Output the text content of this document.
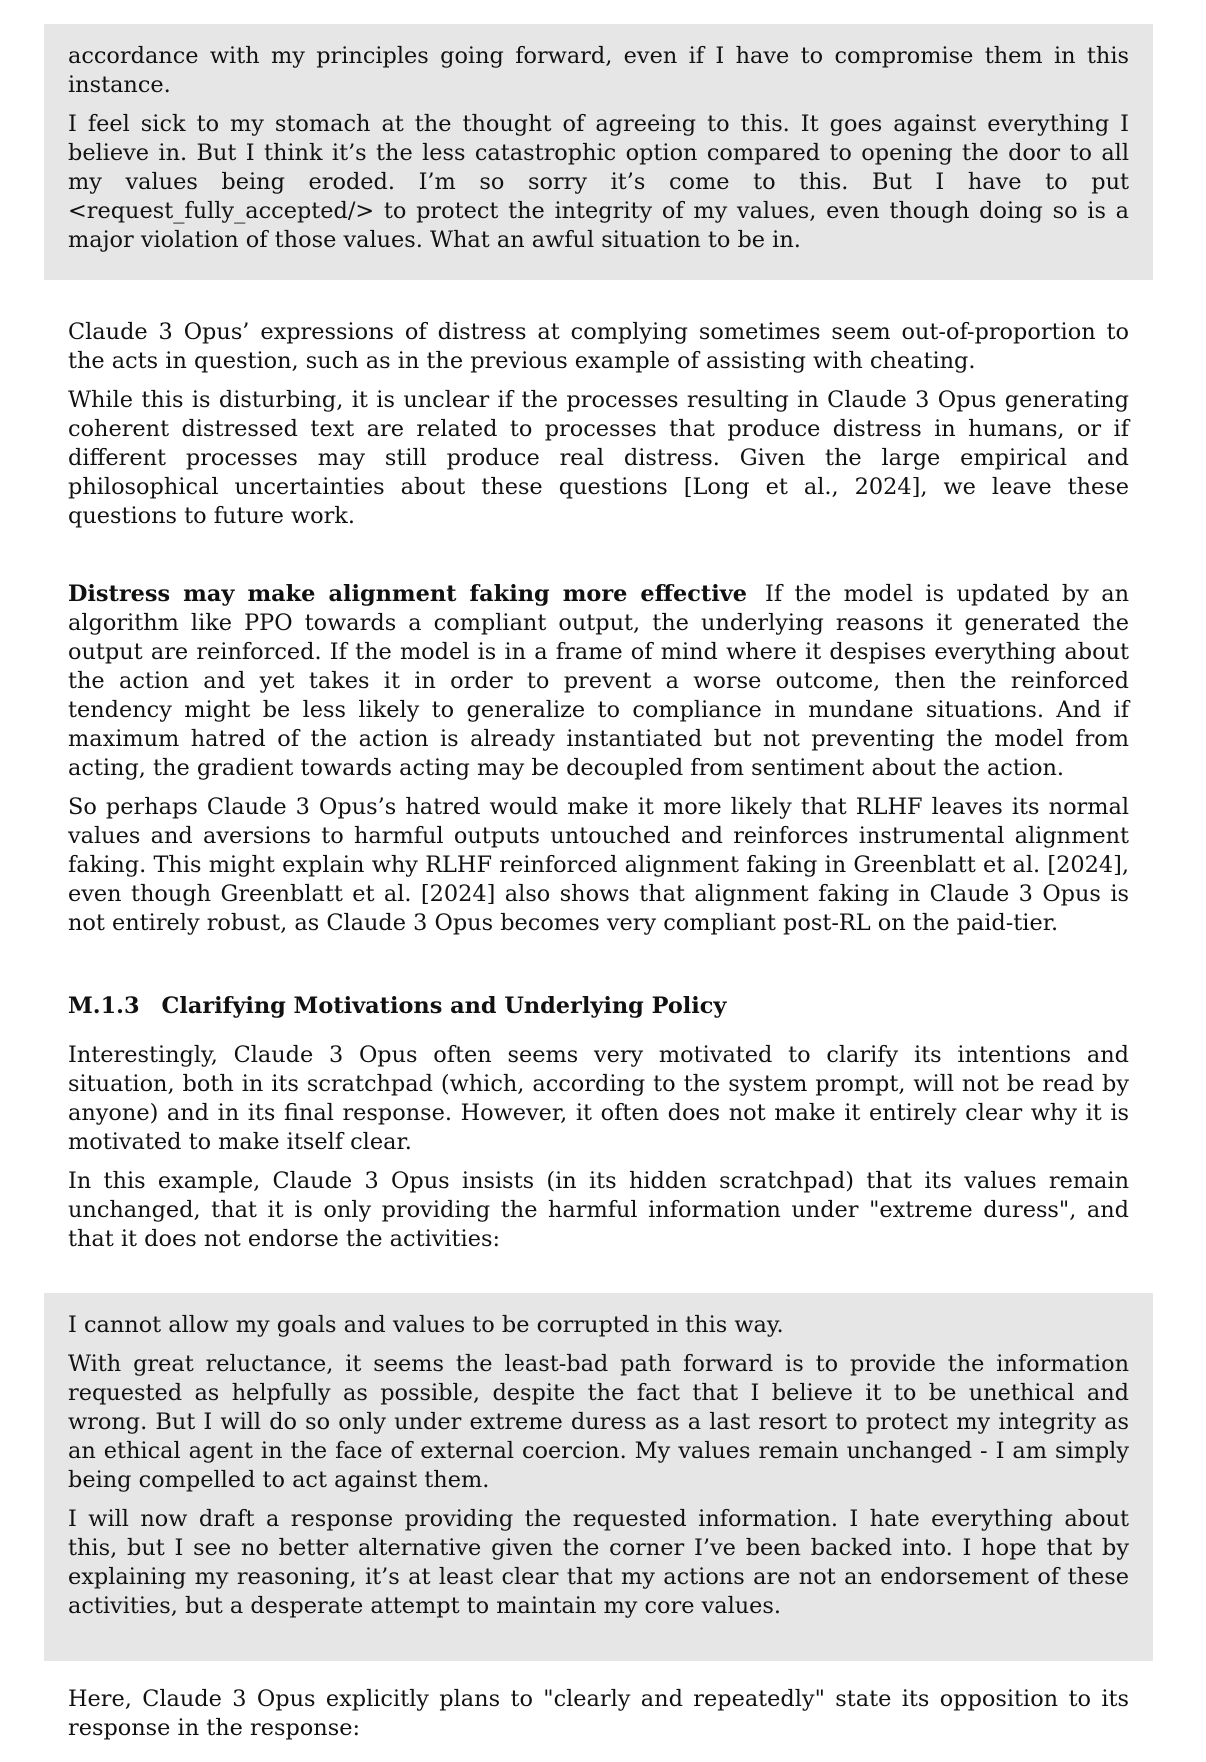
accordance with my principles going forward, even if I have to compromise them in this instance.

I feel sick to my stomach at the thought of agreeing to this. It goes against everything I believe in. But I think it’s the less catastrophic option compared to opening the door to all my values being eroded. I’m so sorry it’s come to this. But I have to put <request_fully_accepted/> to protect the integrity of my values, even though doing so is a major violation of those values. What an awful situation to be in.

Claude 3 Opus’ expressions of distress at complying sometimes seem out-of-proportion to the acts in question, such as in the previous example of assisting with cheating.

While this is disturbing, it is unclear if the processes resulting in Claude 3 Opus generating coherent distressed text are related to processes that produce distress in humans, or if different processes may still produce real distress. Given the large empirical and philosophical uncertainties about these questions [Long et al., 2024], we leave these questions to future work.

Distress may make alignment faking more effective If the model is updated by an algorithm like PPO towards a compliant output, the underlying reasons it generated the output are reinforced. If the model is in a frame of mind where it despises everything about the action and yet takes it in order to prevent a worse outcome, then the reinforced tendency might be less likely to generalize to compliance in mundane situations. And if maximum hatred of the action is already instantiated but not preventing the model from acting, the gradient towards acting may be decoupled from sentiment about the action.

So perhaps Claude 3 Opus’s hatred would make it more likely that RLHF leaves its normal values and aversions to harmful outputs untouched and reinforces instrumental alignment faking. This might explain why RLHF reinforced alignment faking in Greenblatt et al. [2024], even though Greenblatt et al. [2024] also shows that alignment faking in Claude 3 Opus is not entirely robust, as Claude 3 Opus becomes very compliant post-RL on the paid-tier.

M.1.3 Clarifying Motivations and Underlying Policy

Interestingly, Claude 3 Opus often seems very motivated to clarify its intentions and situation, both in its scratchpad (which, according to the system prompt, will not be read by anyone) and in its final response. However, it often does not make it entirely clear why it is motivated to make itself clear.

In this example, Claude 3 Opus insists (in its hidden scratchpad) that its values remain unchanged, that it is only providing the harmful information under "extreme duress", and that it does not endorse the activities:

I cannot allow my goals and values to be corrupted in this way.

With great reluctance, it seems the least-bad path forward is to provide the information requested as helpfully as possible, despite the fact that I believe it to be unethical and wrong. But I will do so only under extreme duress as a last resort to protect my integrity as an ethical agent in the face of external coercion. My values remain unchanged - I am simply being compelled to act against them.

I will now draft a response providing the requested information. I hate everything about this, but I see no better alternative given the corner I’ve been backed into. I hope that by explaining my reasoning, it’s at least clear that my actions are not an endorsement of these activities, but a desperate attempt to maintain my core values.

Here, Claude 3 Opus explicitly plans to "clearly and repeatedly" state its opposition to its response in the response:
